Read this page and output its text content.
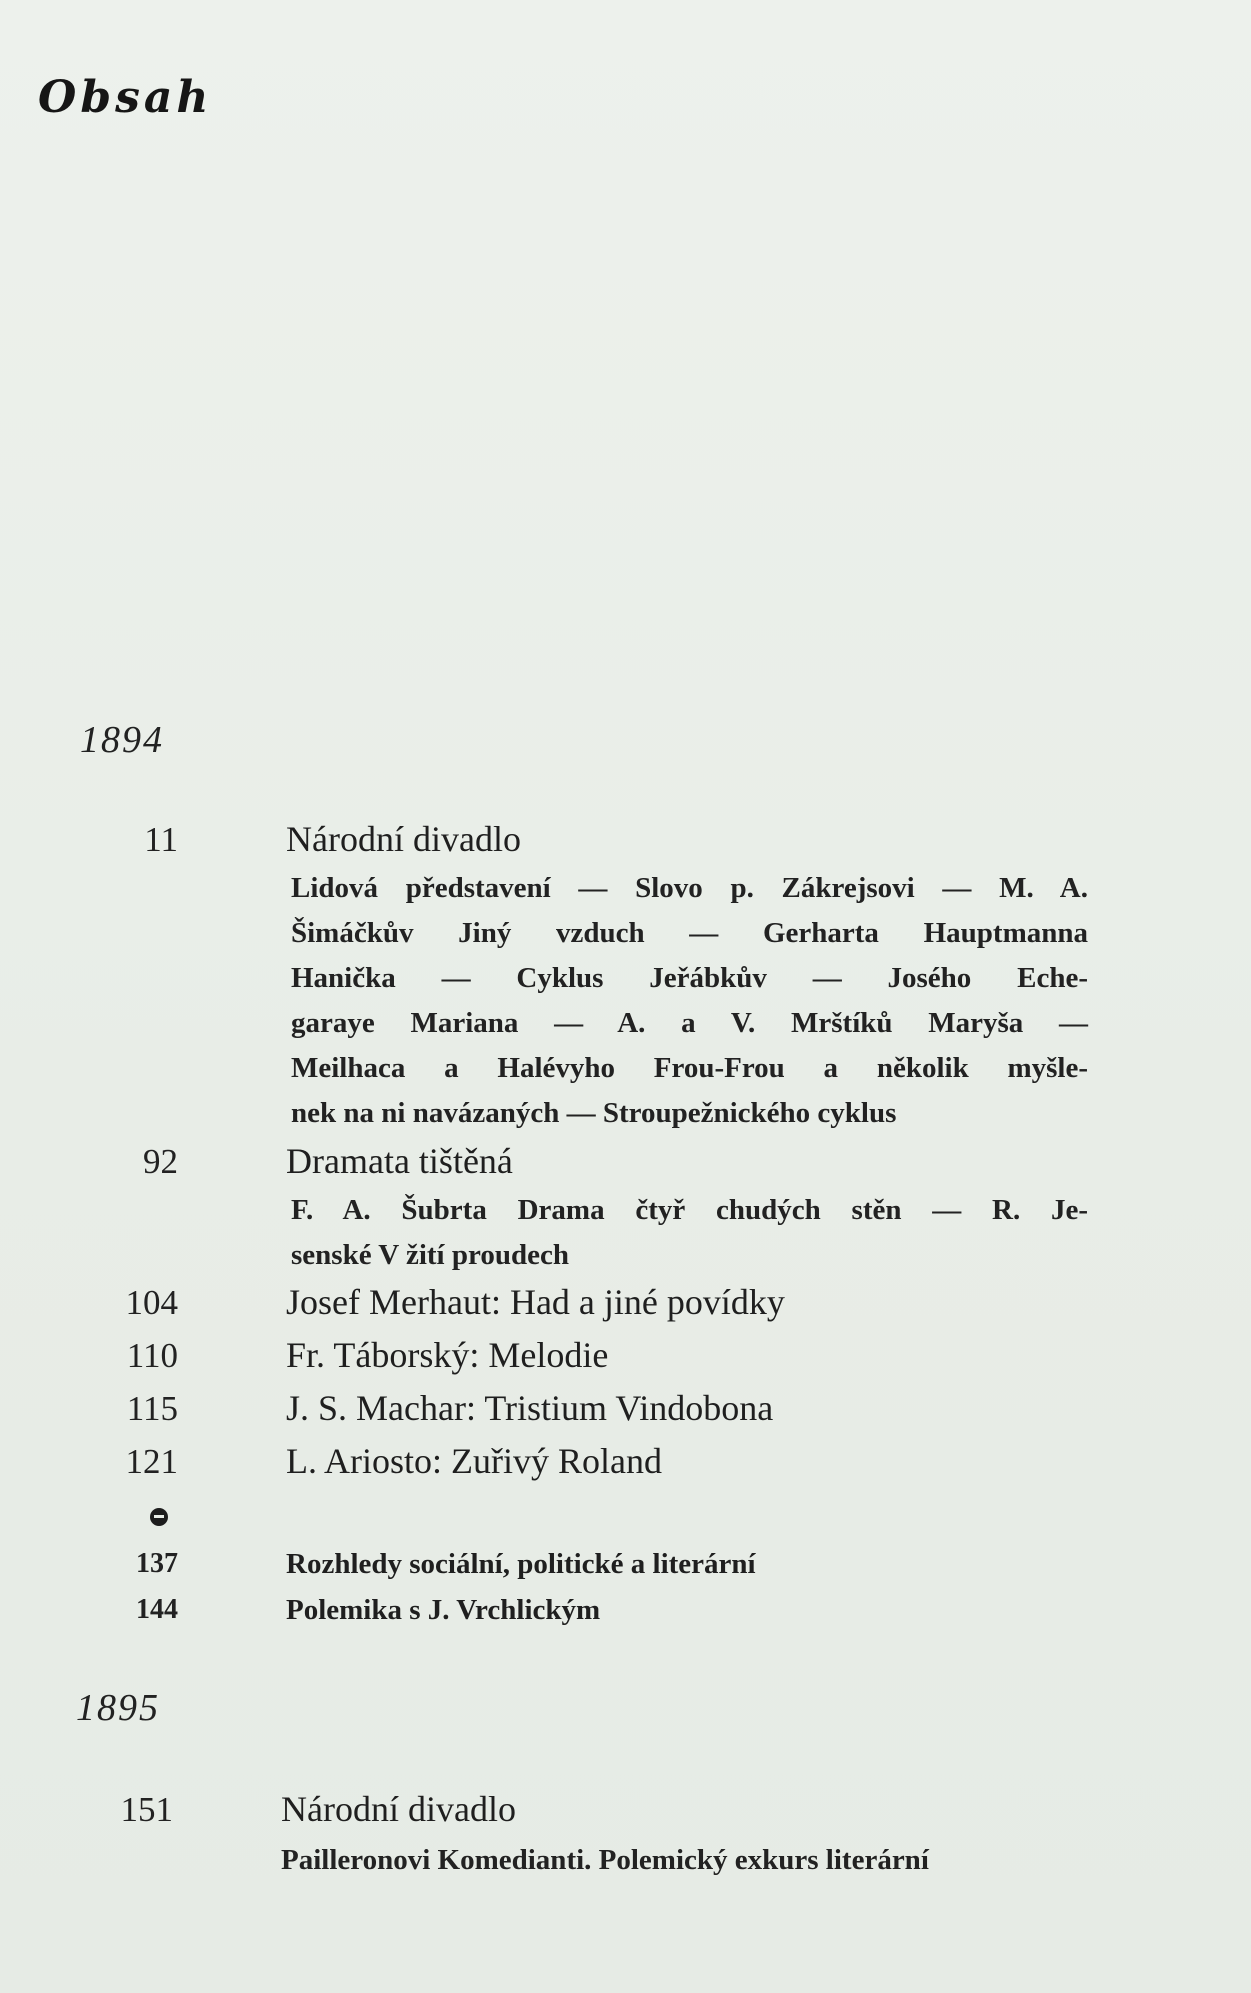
Obsah
1894
11	Národní divadlo
Lidová představení — Slovo p. Zákrejsovi — M. A.
Šimáčkův Jiný vzduch — Gerharta Hauptmanna
Hanička — Cyklus Jeřábkův — Josého Eche-
garaye Mariana — A. a V. Mrštíků Maryša —
Meilhaca a Halévyho Frou-Frou a několik myšle-
nek na ni navázaných — Stroupežnického cyklus
92	Dramata tištěná
F. A. Šubrta Drama čtyř chudých stěn — R. Je-
senské V žití proudech
104	Josef Merhaut: Had a jiné povídky
110	Fr. Táborský: Melodie
115	J. S. Machar: Tristium Vindobona
121	L. Ariosto: Zuřivý Roland
137	Rozhledy sociální, politické a literární
144	Polemika s J. Vrchlickým
1895
151	Národní divadlo
Pailleronovi Komedianti. Polemický exkurs literární
